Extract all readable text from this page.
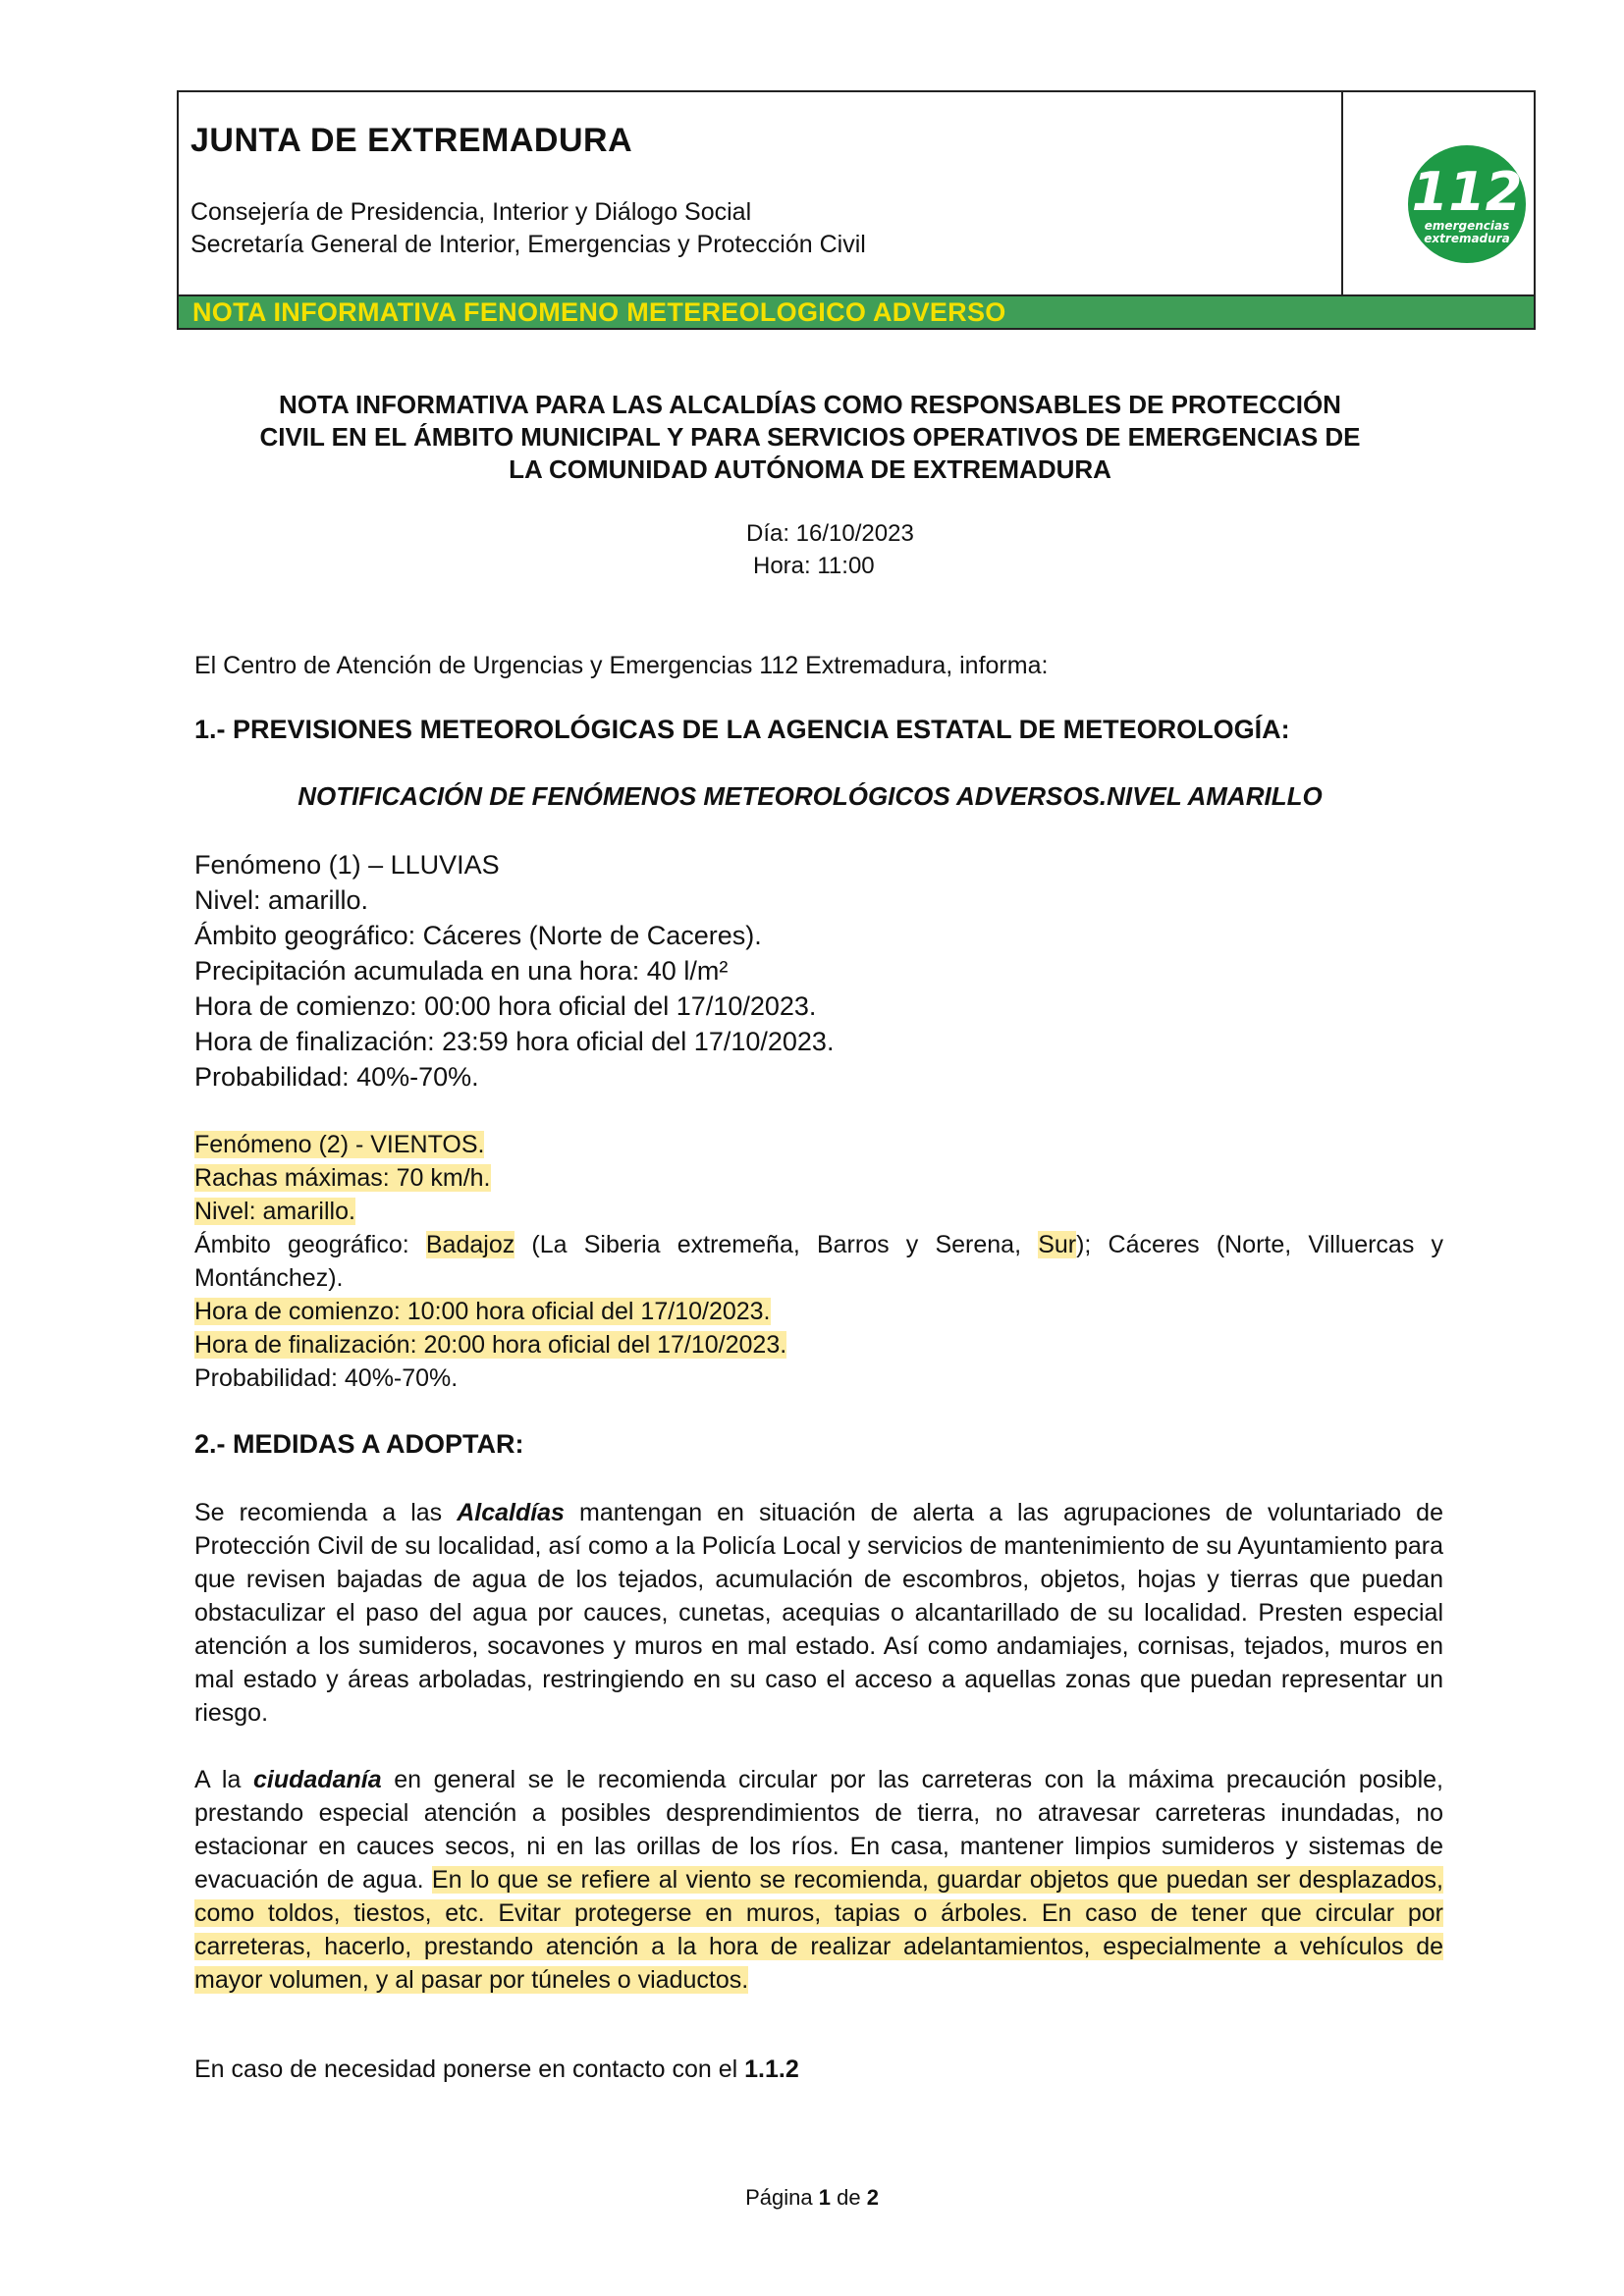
JUNTA DE EXTREMADURA
Consejería de Presidencia, Interior y Diálogo Social
Secretaría General de Interior, Emergencias y Protección Civil
112
emergencias
extremadura
NOTA INFORMATIVA FENOMENO METEREOLOGICO ADVERSO
NOTA INFORMATIVA PARA LAS ALCALDÍAS COMO RESPONSABLES DE PROTECCIÓN
CIVIL EN EL ÁMBITO MUNICIPAL Y PARA SERVICIOS OPERATIVOS DE EMERGENCIAS DE
LA COMUNIDAD AUTÓNOMA DE EXTREMADURA
Día: 16/10/2023
Hora: 11:00
El Centro de Atención de Urgencias y Emergencias 112 Extremadura, informa:
1.- PREVISIONES METEOROLÓGICAS DE LA AGENCIA ESTATAL DE METEOROLOGÍA:
NOTIFICACIÓN DE FENÓMENOS METEOROLÓGICOS ADVERSOS.NIVEL AMARILLO
Fenómeno (1) – LLUVIAS
Nivel: amarillo.
Ámbito geográfico: Cáceres (Norte de Caceres).
Precipitación acumulada en una hora: 40 l/m²
Hora de comienzo: 00:00 hora oficial del 17/10/2023.
Hora de finalización: 23:59 hora oficial del 17/10/2023.
Probabilidad: 40%-70%.
Fenómeno (2) - VIENTOS.
Rachas máximas: 70 km/h.
Nivel: amarillo.
Ámbito geográfico: Badajoz (La Siberia extremeña, Barros y Serena, Sur); Cáceres (Norte, Villuercas y
Montánchez).
Hora de comienzo: 10:00 hora oficial del 17/10/2023.
Hora de finalización: 20:00 hora oficial del 17/10/2023.
Probabilidad: 40%-70%.
2.- MEDIDAS A ADOPTAR:
Se recomienda a las Alcaldías mantengan en situación de alerta a las agrupaciones de voluntariado de Protección Civil de su localidad, así como a la Policía Local y servicios de mantenimiento de su Ayuntamiento para que revisen bajadas de agua de los tejados, acumulación de escombros, objetos, hojas y tierras que puedan obstaculizar el paso del agua por cauces, cunetas, acequias o alcantarillado de su localidad. Presten especial atención a los sumideros, socavones y muros en mal estado. Así como andamiajes, cornisas, tejados, muros en mal estado y áreas arboladas, restringiendo en su caso el acceso a aquellas zonas que puedan representar un riesgo.
A la ciudadanía en general se le recomienda circular por las carreteras con la máxima precaución posible, prestando especial atención a posibles desprendimientos de tierra, no atravesar carreteras inundadas, no estacionar en cauces secos, ni en las orillas de los ríos. En casa, mantener limpios sumideros y sistemas de evacuación de agua. En lo que se refiere al viento se recomienda, guardar objetos que puedan ser desplazados, como toldos, tiestos, etc. Evitar protegerse en muros, tapias o árboles. En caso de tener que circular por carreteras, hacerlo, prestando atención a la hora de realizar adelantamientos, especialmente a vehículos de mayor volumen, y al pasar por túneles o viaductos.
En caso de necesidad ponerse en contacto con el 1.1.2
Página 1 de 2
